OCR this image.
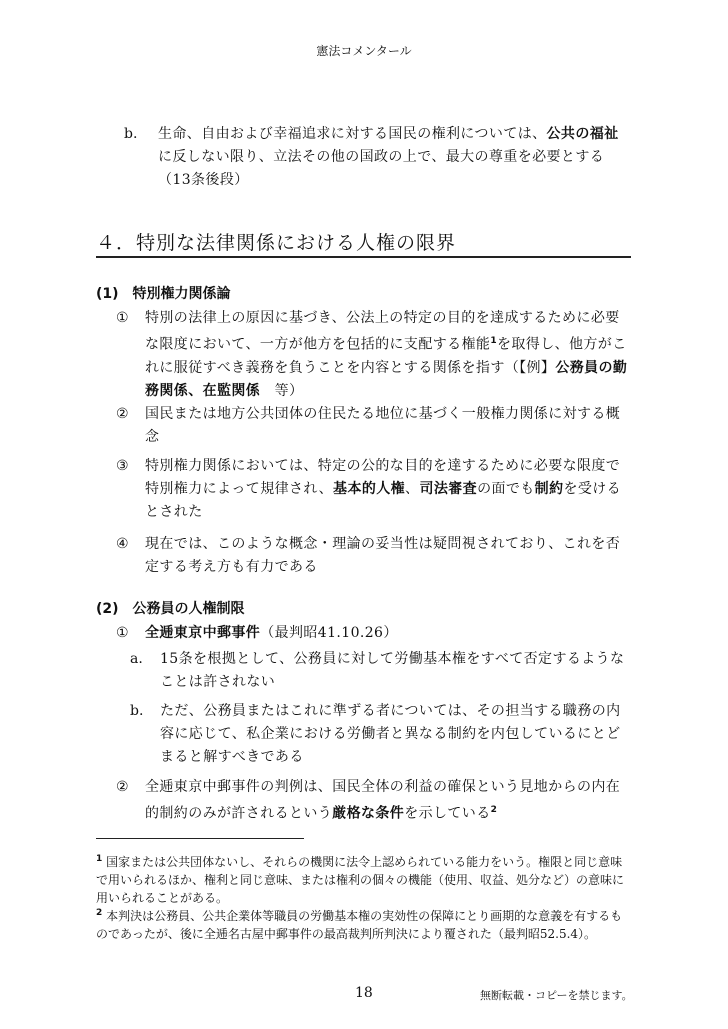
憲法コメンタール
b. 生命、自由および幸福追求に対する国民の権利については、公共の福祉に反しない限り、立法その他の国政の上で、最大の尊重を必要とする（13条後段）

４．特別な法律関係における人権の限界
(1)　特別権力関係論
① 特別の法律上の原因に基づき、公法上の特定の目的を達成するために必要な限度において、一方が他方を包括的に支配する権能$^1$を取得し、他方がこれに服従すべき義務を負うことを内容とする関係を指す（【例】公務員の勤務関係、在監関係　等）

② 国民または地方公共団体の住民たる地位に基づく一般権力関係に対する概念

③ 特別権力関係においては、特定の公的な目的を達するために必要な限度で特別権力によって規律され、基本的人権、司法審査の面でも制約を受けるとされた

④ 現在では、このような概念・理論の妥当性は疑問視されており、これを否定する考え方も有力である

(2)　公務員の人権制限
① 全逓東京中郵事件（最判昭41.10.26）

a. 15条を根拠として、公務員に対して労働基本権をすべて否定するようなことは許されない

b. ただ、公務員またはこれに準ずる者については、その担当する職務の内容に応じて、私企業における労働者と異なる制約を内包しているにとどまると解すべきである

② 全逓東京中郵事件の判例は、国民全体の利益の確保という見地からの内在的制約のみが許されるという厳格な条件を示している$^2$

$^1$ 国家または公共団体ないし、それらの機関に法令上認められている能力をいう。権限と同じ意味で用いられるほか、権利と同じ意味、または権利の個々の機能（使用、収益、処分など）の意味に用いられることがある。

$^2$ 本判決は公務員、公共企業体等職員の労働基本権の実効性の保障にとり画期的な意義を有するものであったが、後に全逓名古屋中郵事件の最高裁判所判決により覆された（最判昭52.5.4）。

18	無断転載・コピーを禁じます。
